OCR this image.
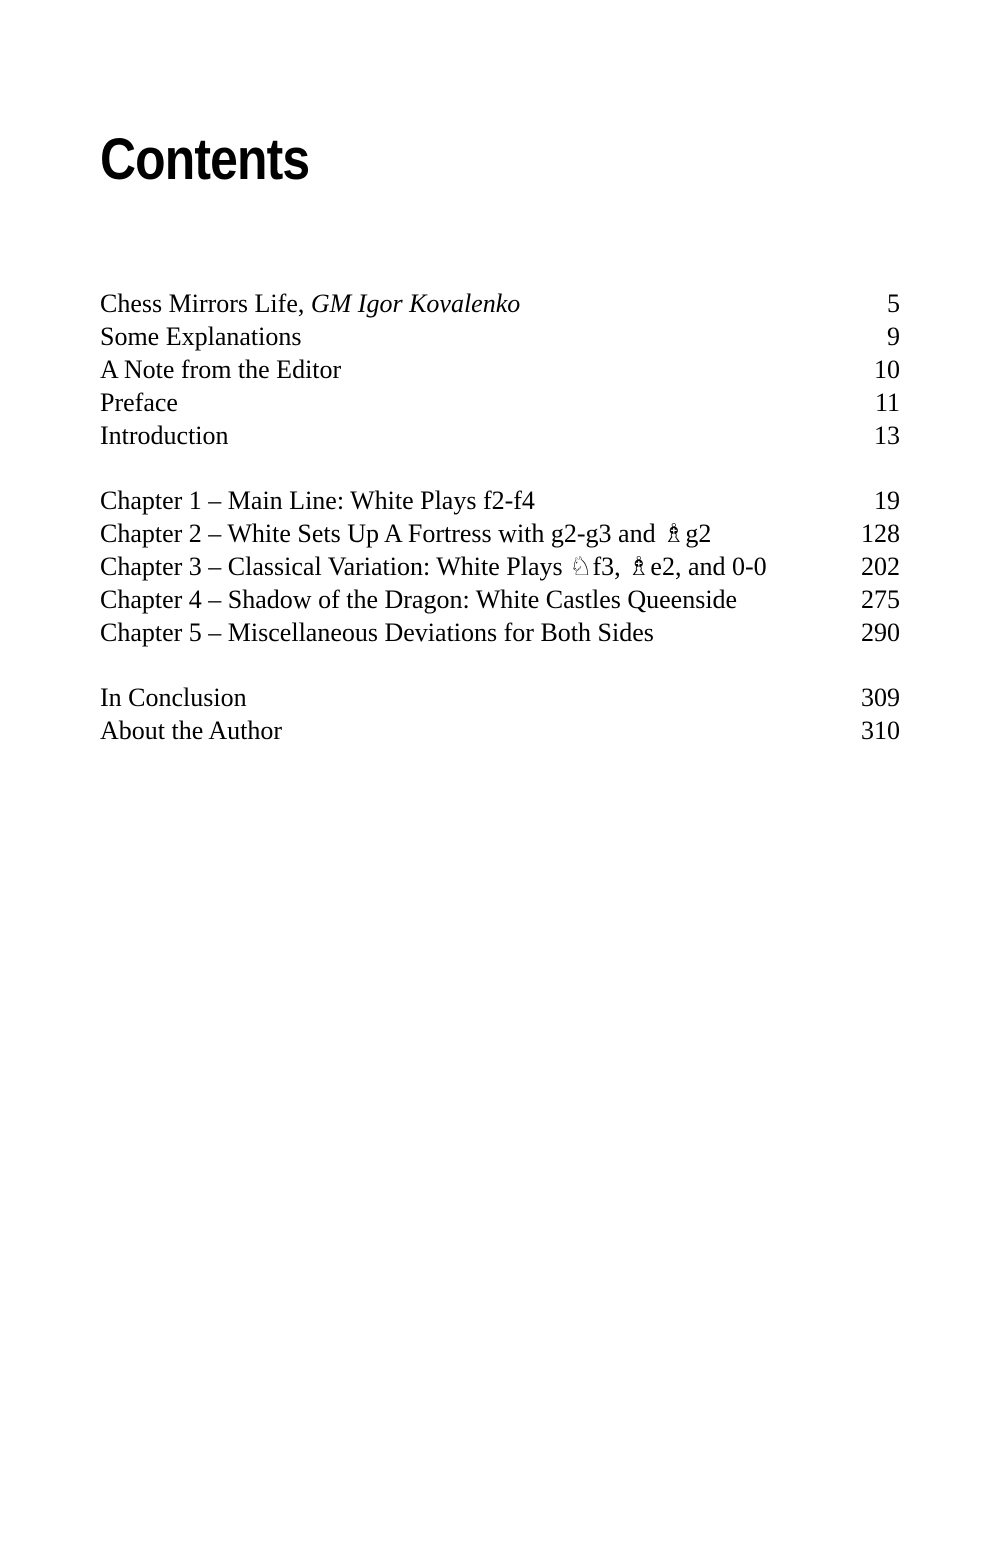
Contents
Chess Mirrors Life, GM Igor Kovalenko	5
Some Explanations	9
A Note from the Editor	10
Preface	11
Introduction	13
Chapter 1 – Main Line: White Plays f2-f4	19
Chapter 2 – White Sets Up A Fortress with g2-g3 and ♗g2	128
Chapter 3 – Classical Variation: White Plays ♘f3, ♗e2, and 0-0	202
Chapter 4 – Shadow of the Dragon: White Castles Queenside	275
Chapter 5 – Miscellaneous Deviations for Both Sides	290
In Conclusion	309
About the Author	310
